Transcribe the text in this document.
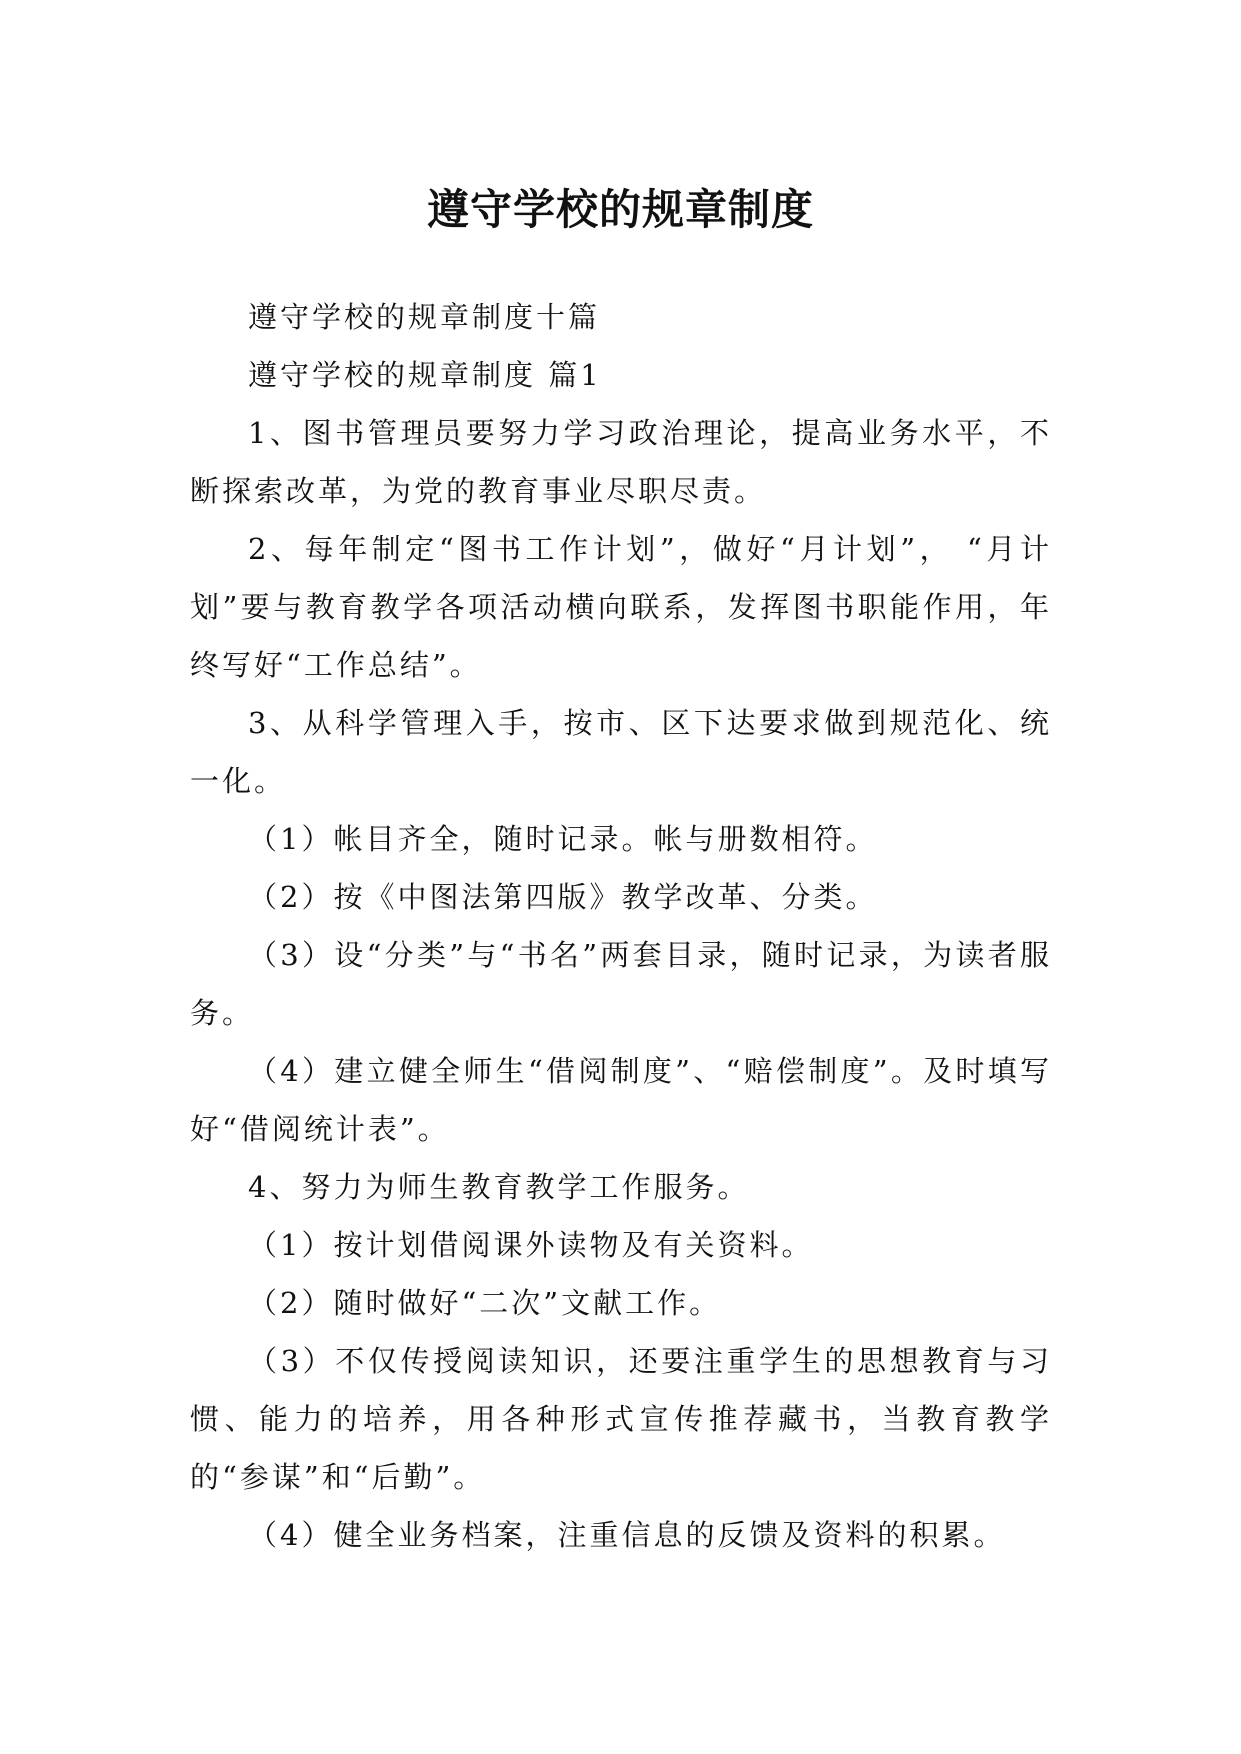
遵守学校的规章制度

遵守学校的规章制度十篇

遵守学校的规章制度 篇1

1、图书管理员要努力学习政治理论，提高业务水平，不断探索改革，为党的教育事业尽职尽责。

2、每年制定“图书工作计划”，做好“月计划”， “月计划”要与教育教学各项活动横向联系，发挥图书职能作用，年终写好“工作总结”。

3、从科学管理入手，按市、区下达要求做到规范化、统一化。

（1）帐目齐全，随时记录。帐与册数相符。

（2）按《中图法第四版》教学改革、分类。

（3）设“分类”与“书名”两套目录，随时记录，为读者服务。

（4）建立健全师生“借阅制度”、“赔偿制度”。及时填写好“借阅统计表”。

4、努力为师生教育教学工作服务。

（1）按计划借阅课外读物及有关资料。

（2）随时做好“二次”文献工作。

（3）不仅传授阅读知识，还要注重学生的思想教育与习惯、能力的培养，用各种形式宣传推荐藏书，当教育教学的“参谋”和“后勤”。

（4）健全业务档案，注重信息的反馈及资料的积累。
